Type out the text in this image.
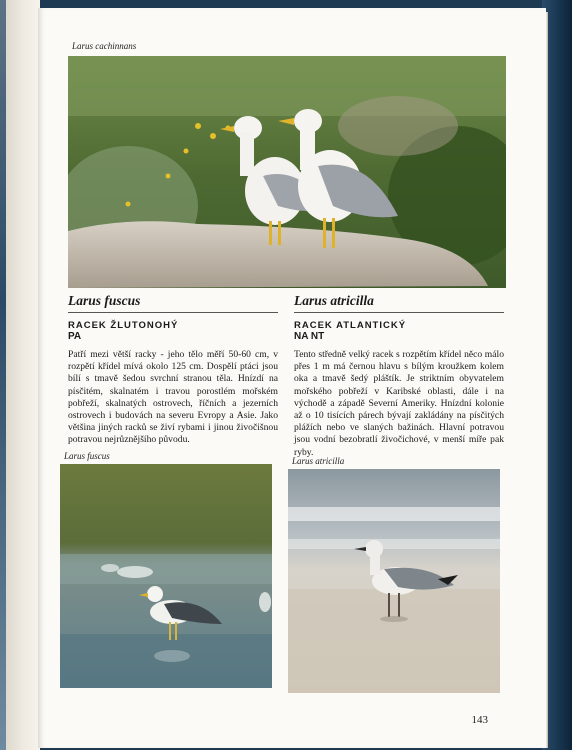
Larus cachinnans
Larus fuscus
RACEK ŽLUTONOHÝ
PA
Patří mezi větší racky - jeho tělo měří 50-60 cm, v rozpětí křídel mívá okolo 125 cm. Dospělí ptáci jsou bílí s tmavě šedou svrchní stranou těla. Hnízdí na písčitém, skalnatém i travou porostlém mořském pobřeží, skalnatých ostrovech, říčních a jezerních ostrovech i budovách na severu Evropy a Asie. Jako většina jiných racků se živí rybami i jinou živočišnou potravou nejrůznějšího původu.
Larus atricilla
RACEK ATLANTICKÝ
NA NT
Tento středně velký racek s rozpětím křídel něco málo přes 1 m má černou hlavu s bílým kroužkem kolem oka a tmavě šedý pláštík. Je striktním obyvatelem mořského pobřeží v Karibské oblasti, dále i na východě a západě Severní Ameriky. Hnízdní kolonie až o 10 tisících párech bývají zakládány na písčitých plážích nebo ve slaných bažinách. Hlavní potravou jsou vodní bezobratlí živočichové, v menší míře pak ryby.
Larus fuscus	Larus atricilla
143
